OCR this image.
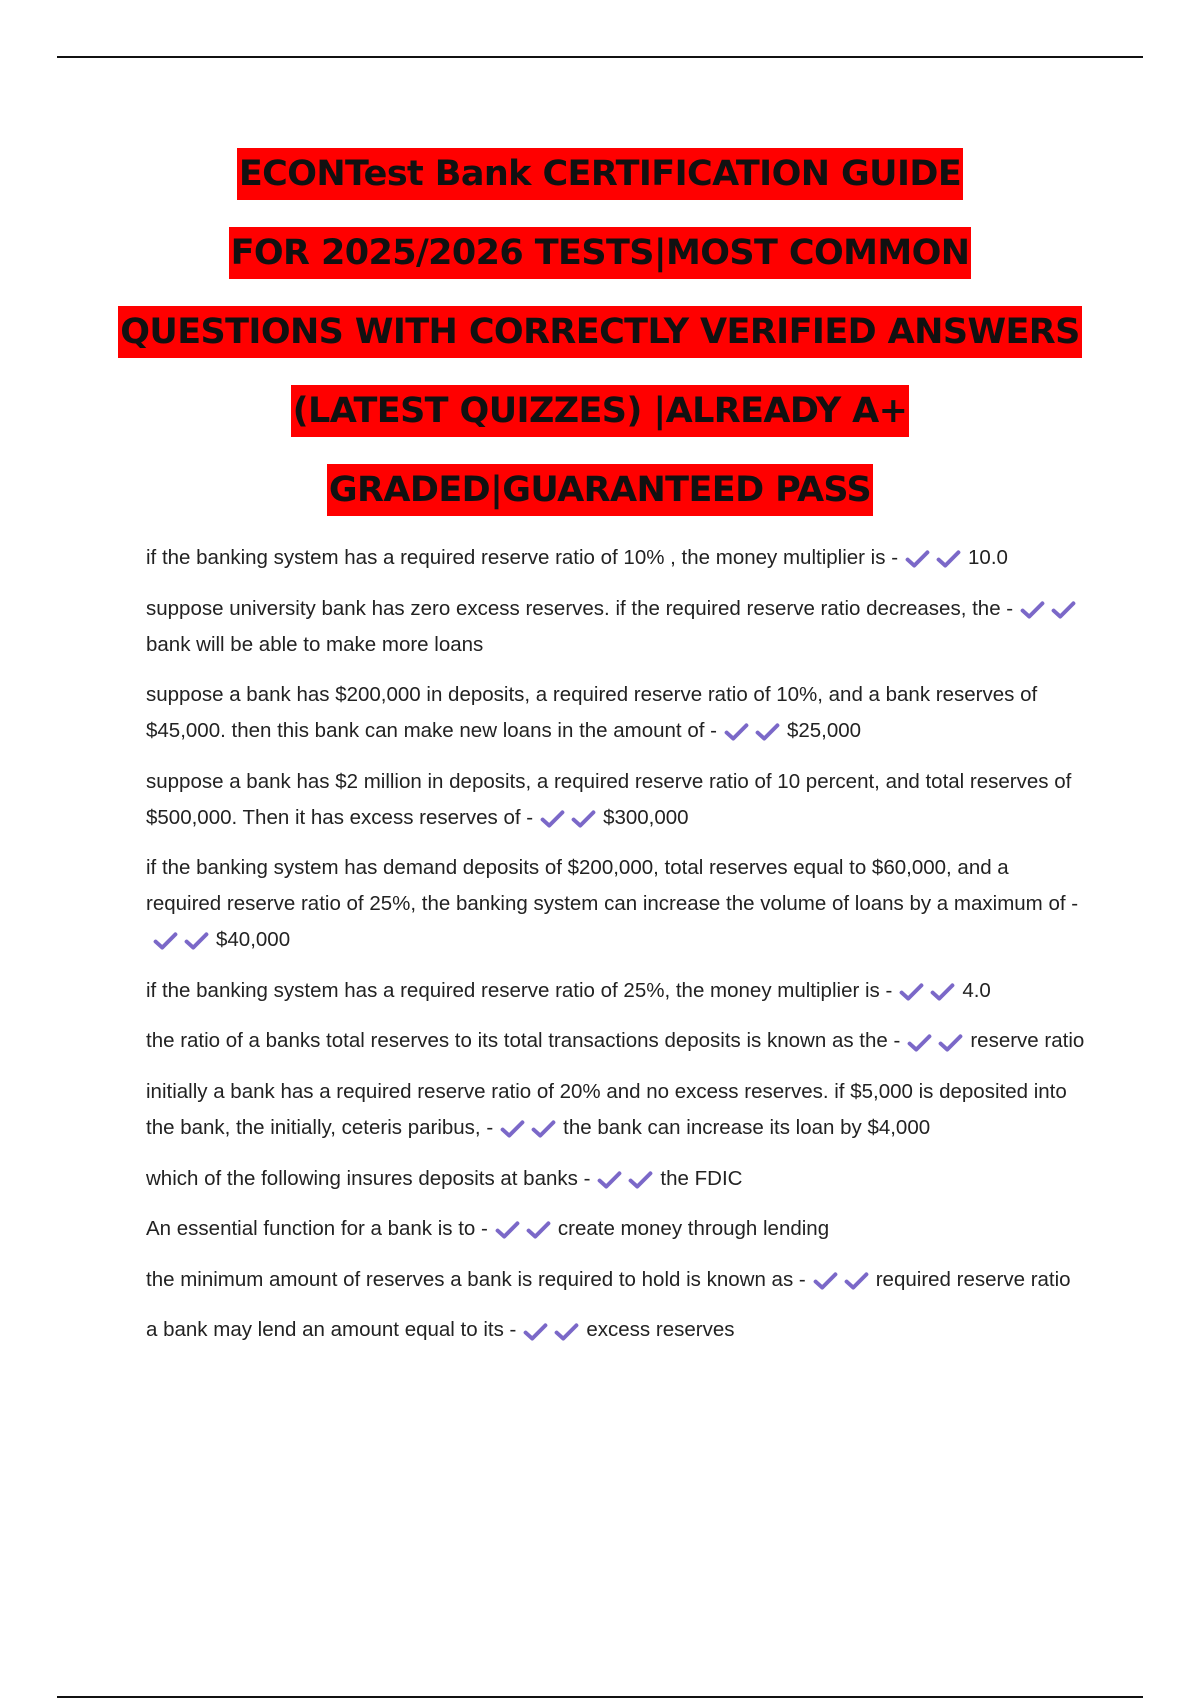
ECONTest Bank CERTIFICATION GUIDE
FOR 2025/2026 TESTS|MOST COMMON
QUESTIONS WITH CORRECTLY VERIFIED ANSWERS
(LATEST QUIZZES) |ALREADY A+
GRADED|GUARANTEED PASS
if the banking system has a required reserve ratio of 10% , the money multiplier is -	10.0
suppose university bank has zero excess reserves. if the required reserve ratio decreases, the -bank will be able to make more loans
suppose a bank has $200,000 in deposits, a required reserve ratio of 10%, and a bank reserves of $45,000. then this bank can make new loans in the amount of -	$25,000
suppose a bank has $2 million in deposits, a required reserve ratio of 10 percent, and total reserves of $500,000. Then it has excess reserves of -	$300,000
if the banking system has demand deposits of $200,000, total reserves equal to $60,000, and a required reserve ratio of 25%, the banking system can increase the volume of loans by a maximum of -$40,000
if the banking system has a required reserve ratio of 25%, the money multiplier is -	4.0
the ratio of a banks total reserves to its total transactions deposits is known as the -	reserve ratio
initially a bank has a required reserve ratio of 20% and no excess reserves. if $5,000 is deposited into the bank, the initially, ceteris paribus, -	the bank can increase its loan by $4,000
which of the following insures deposits at banks -	the FDIC
An essential function for a bank is to -	create money through lending
the minimum amount of reserves a bank is required to hold is known as -	required reserve ratio
a bank may lend an amount equal to its -	excess reserves
